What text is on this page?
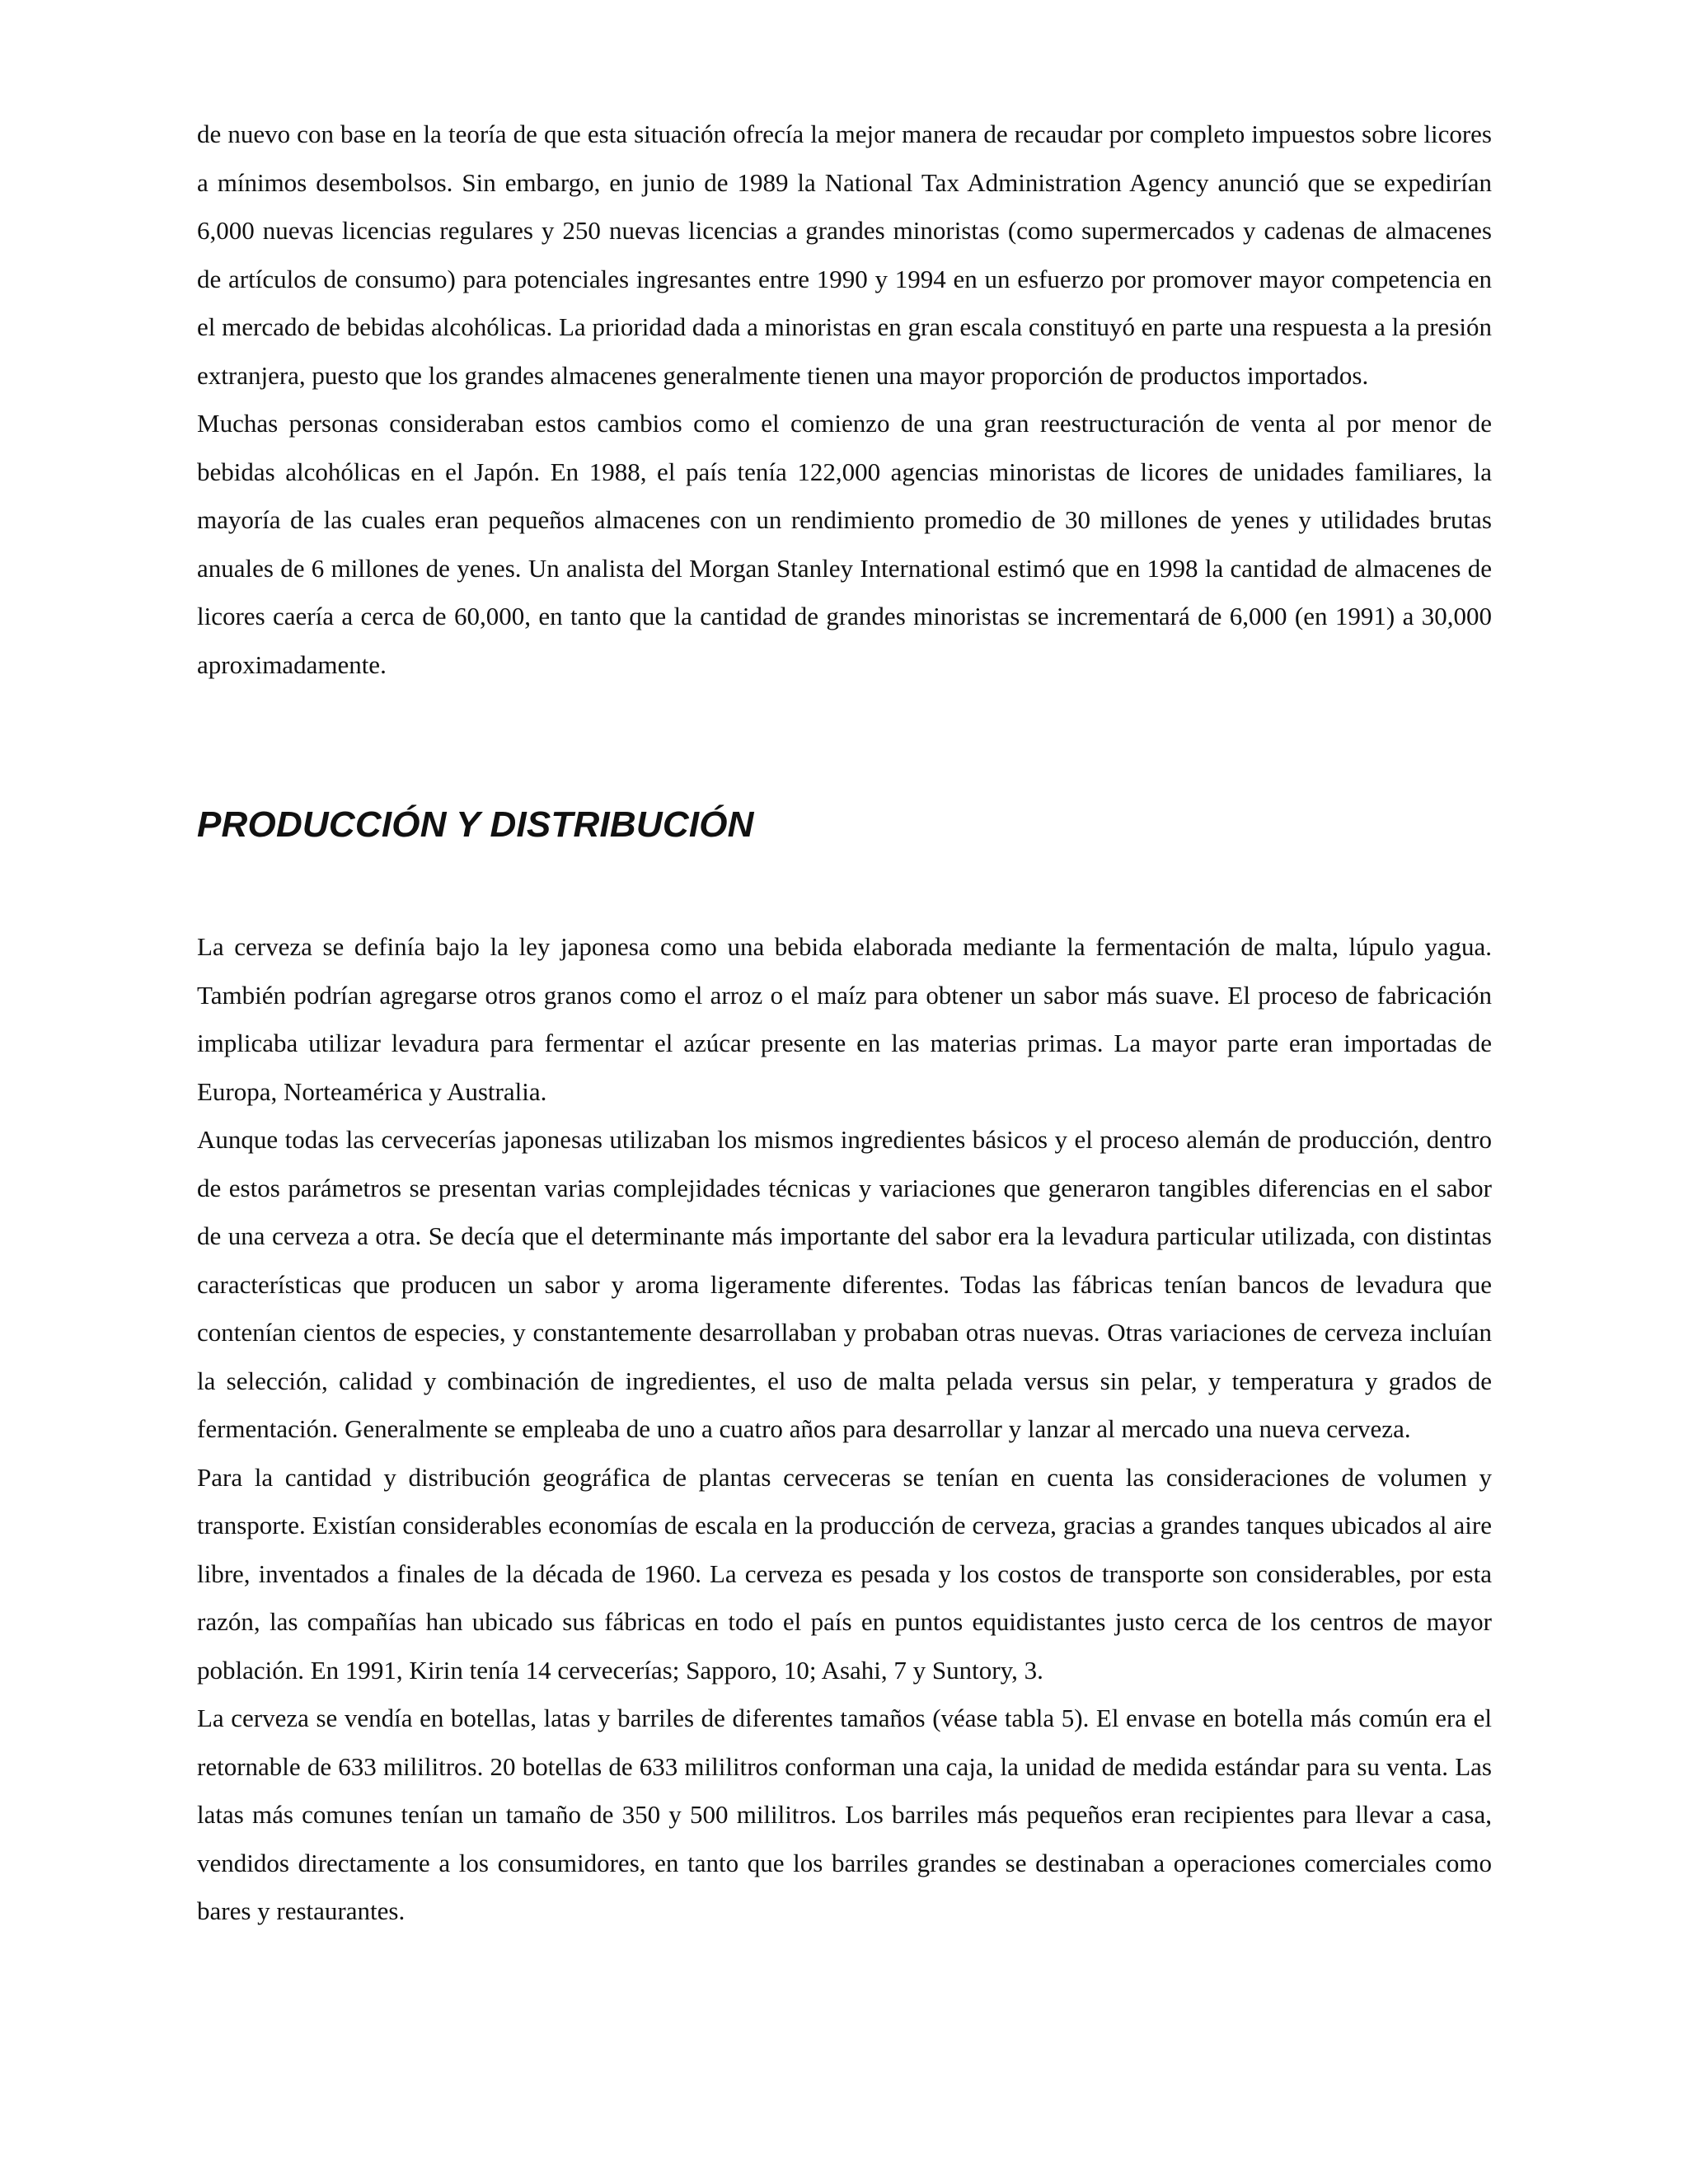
de nuevo con base en la teoría de que esta situación ofrecía la mejor manera de recaudar por completo impuestos sobre licores a mínimos desembolsos. Sin embargo, en junio de 1989 la National Tax Administration Agency anunció que se expedirían 6,000 nuevas licencias regulares y 250 nuevas licencias a grandes minoristas (como supermercados y cadenas de almacenes de artículos de consumo) para potenciales ingresantes entre 1990 y 1994 en un esfuerzo por promover mayor competencia en el mercado de bebidas alcohólicas. La prioridad dada a minoristas en gran escala constituyó en parte una respuesta a la presión extranjera, puesto que los grandes almacenes generalmente tienen una mayor proporción de productos importados.

Muchas personas consideraban estos cambios como el comienzo de una gran reestructuración de venta al por menor de bebidas alcohólicas en el Japón. En 1988, el país tenía 122,000 agencias minoristas de licores de unidades familiares, la mayoría de las cuales eran pequeños almacenes con un rendimiento promedio de 30 millones de yenes y utilidades brutas anuales de 6 millones de yenes. Un analista del Morgan Stanley International estimó que en 1998 la cantidad de almacenes de licores caería a cerca de 60,000, en tanto que la cantidad de grandes minoristas se incrementará de 6,000 (en 1991) a 30,000 aproximadamente.

PRODUCCIÓN Y DISTRIBUCIÓN

La cerveza se definía bajo la ley japonesa como una bebida elaborada mediante la fermentación de malta, lúpulo yagua. También podrían agregarse otros granos como el arroz o el maíz para obtener un sabor más suave. El proceso de fabricación implicaba utilizar levadura para fermentar el azúcar presente en las materias primas. La mayor parte eran importadas de Europa, Norteamérica y Australia.

Aunque todas las cervecerías japonesas utilizaban los mismos ingredientes básicos y el proceso alemán de producción, dentro de estos parámetros se presentan varias complejidades técnicas y variaciones que generaron tangibles diferencias en el sabor de una cerveza a otra. Se decía que el determinante más importante del sabor era la levadura particular utilizada, con distintas características que producen un sabor y aroma ligeramente diferentes. Todas las fábricas tenían bancos de levadura que contenían cientos de especies, y constantemente desarrollaban y probaban otras nuevas. Otras variaciones de cerveza incluían la selección, calidad y combinación de ingredientes, el uso de malta pelada versus sin pelar, y temperatura y grados de fermentación. Generalmente se empleaba de uno a cuatro años para desarrollar y lanzar al mercado una nueva cerveza.

Para la cantidad y distribución geográfica de plantas cerveceras se tenían en cuenta las consideraciones de volumen y transporte. Existían considerables economías de escala en la producción de cerveza, gracias a grandes tanques ubicados al aire libre, inventados a finales de la década de 1960. La cerveza es pesada y los costos de transporte son considerables, por esta razón, las compañías han ubicado sus fábricas en todo el país en puntos equidistantes justo cerca de los centros de mayor población. En 1991, Kirin tenía 14 cervecerías; Sapporo, 10; Asahi, 7 y Suntory, 3.

La cerveza se vendía en botellas, latas y barriles de diferentes tamaños (véase tabla 5). El envase en botella más común era el retornable de 633 mililitros. 20 botellas de 633 mililitros conforman una caja, la unidad de medida estándar para su venta. Las latas más comunes tenían un tamaño de 350 y 500 mililitros. Los barriles más pequeños eran recipientes para llevar a casa, vendidos directamente a los consumidores, en tanto que los barriles grandes se destinaban a operaciones comerciales como bares y restaurantes.
